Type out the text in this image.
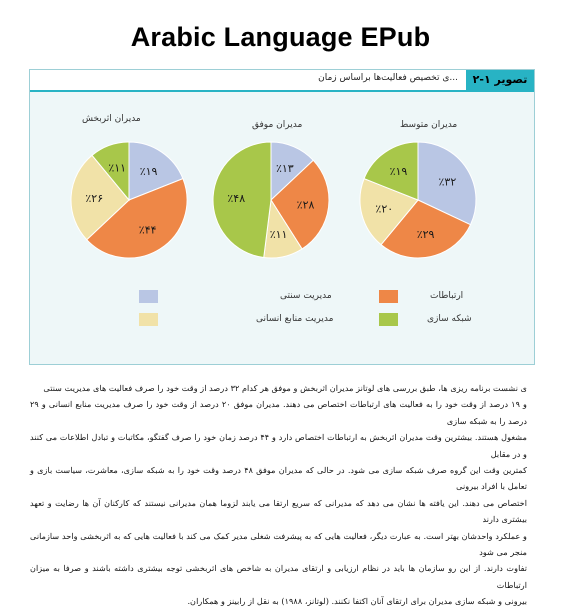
Arabic Language EPub
تصویر ۱-۲
...ی تخصیص فعالیت‌ها براساس زمان
مدیران اثربخش
مدیران موفق	مدیران متوسط
٪۱۹
٪۴۴
٪۲۶
٪۱۱	٪۱۳
٪۲۸
٪۱۱
٪۴۸
٪۳۲
٪۲۹
٪۲۰
٪۱۹
ارتباطات
مدیریت سنتی
شبکه سازی
مدیریت منابع انسانی

ی نشست برنامه ریزی ها، طبق بررسی های لوتانز مدیران اثربخش و موفق هر کدام ۳۲ درصد از وقت خود را صرف فعالیت های مدیریت سنتی

و ۱۹ درصد از وقت خود را به فعالیت های ارتباطات اختصاص می دهند. مدیران موفق ۲۰ درصد از وقت خود را صرف مدیریت منابع انسانی و ۲۹ درصد را به شبکه سازی

مشغول هستند. بیشترین وقت مدیران اثربخش به ارتباطات اختصاص دارد و ۴۴ درصد زمان خود را صرف گفتگو، مکاتبات و تبادل اطلاعات می کنند و در مقابل

کمترین وقت این گروه صرف شبکه سازی می شود. در حالی که مدیران موفق ۴۸ درصد وقت خود را به شبکه سازی، معاشرت، سیاست بازی و تعامل با افراد بیرونی

اختصاص می دهند. این یافته ها نشان می دهد که مدیرانی که سریع ارتقا می یابند لزوما همان مدیرانی نیستند که کارکنان آن ها رضایت و تعهد بیشتری دارند

و عملکرد واحدشان بهتر است. به عبارت دیگر، فعالیت هایی که به پیشرفت شغلی مدیر کمک می کند با فعالیت هایی که به اثربخشی واحد سازمانی منجر می شود

تفاوت دارند. از این رو سازمان ها باید در نظام ارزیابی و ارتقای مدیران به شاخص های اثربخشی توجه بیشتری داشته باشند و صرفا به میزان ارتباطات

بیرونی و شبکه سازی مدیران برای ارتقای آنان اکتفا نکنند. (لوتانز، ۱۹۸۸) به نقل از رابینز و همکاران.
